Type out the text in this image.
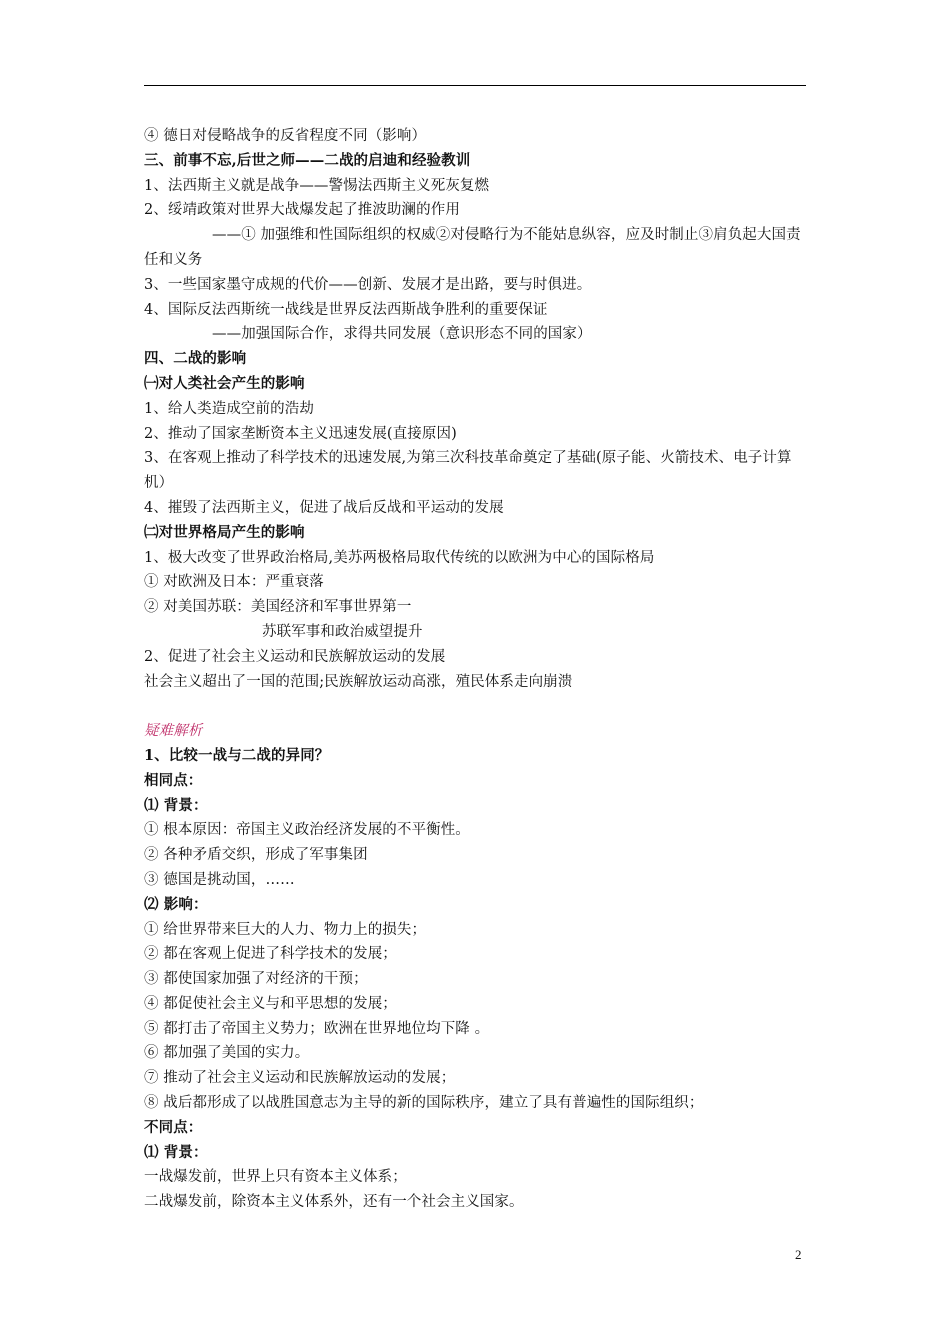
④ 德日对侵略战争的反省程度不同（影响）
三、前事不忘,后世之师——二战的启迪和经验教训
1、法西斯主义就是战争——警惕法西斯主义死灰复燃
2、绥靖政策对世界大战爆发起了推波助澜的作用
——① 加强维和性国际组织的权威②对侵略行为不能姑息纵容，应及时制止③肩负起大国责任和义务
3、一些国家墨守成规的代价——创新、发展才是出路，要与时俱进。
4、国际反法西斯统一战线是世界反法西斯战争胜利的重要保证
——加强国际合作，求得共同发展（意识形态不同的国家）
四、二战的影响
㈠对人类社会产生的影响
1、给人类造成空前的浩劫
2、推动了国家垄断资本主义迅速发展(直接原因)
3、在客观上推动了科学技术的迅速发展,为第三次科技革命奠定了基础(原子能、火箭技术、电子计算机）
4、摧毁了法西斯主义，促进了战后反战和平运动的发展
㈡对世界格局产生的影响
1、极大改变了世界政治格局,美苏两极格局取代传统的以欧洲为中心的国际格局
① 对欧洲及日本：严重衰落
② 对美国苏联：美国经济和军事世界第一
苏联军事和政治威望提升
2、促进了社会主义运动和民族解放运动的发展
社会主义超出了一国的范围;民族解放运动高涨，殖民体系走向崩溃
疑难解析
1、比较一战与二战的异同？
相同点：
⑴ 背景：
① 根本原因：帝国主义政治经济发展的不平衡性。
② 各种矛盾交织，形成了军事集团
③ 德国是挑动国，……
⑵ 影响：
① 给世界带来巨大的人力、物力上的损失；
② 都在客观上促进了科学技术的发展；
③ 都使国家加强了对经济的干预；
④ 都促使社会主义与和平思想的发展；
⑤ 都打击了帝国主义势力；欧洲在世界地位均下降 。
⑥ 都加强了美国的实力。
⑦ 推动了社会主义运动和民族解放运动的发展；
⑧ 战后都形成了以战胜国意志为主导的新的国际秩序，建立了具有普遍性的国际组织；
不同点：
⑴ 背景：
一战爆发前，世界上只有资本主义体系；
二战爆发前，除资本主义体系外，还有一个社会主义国家。
2
